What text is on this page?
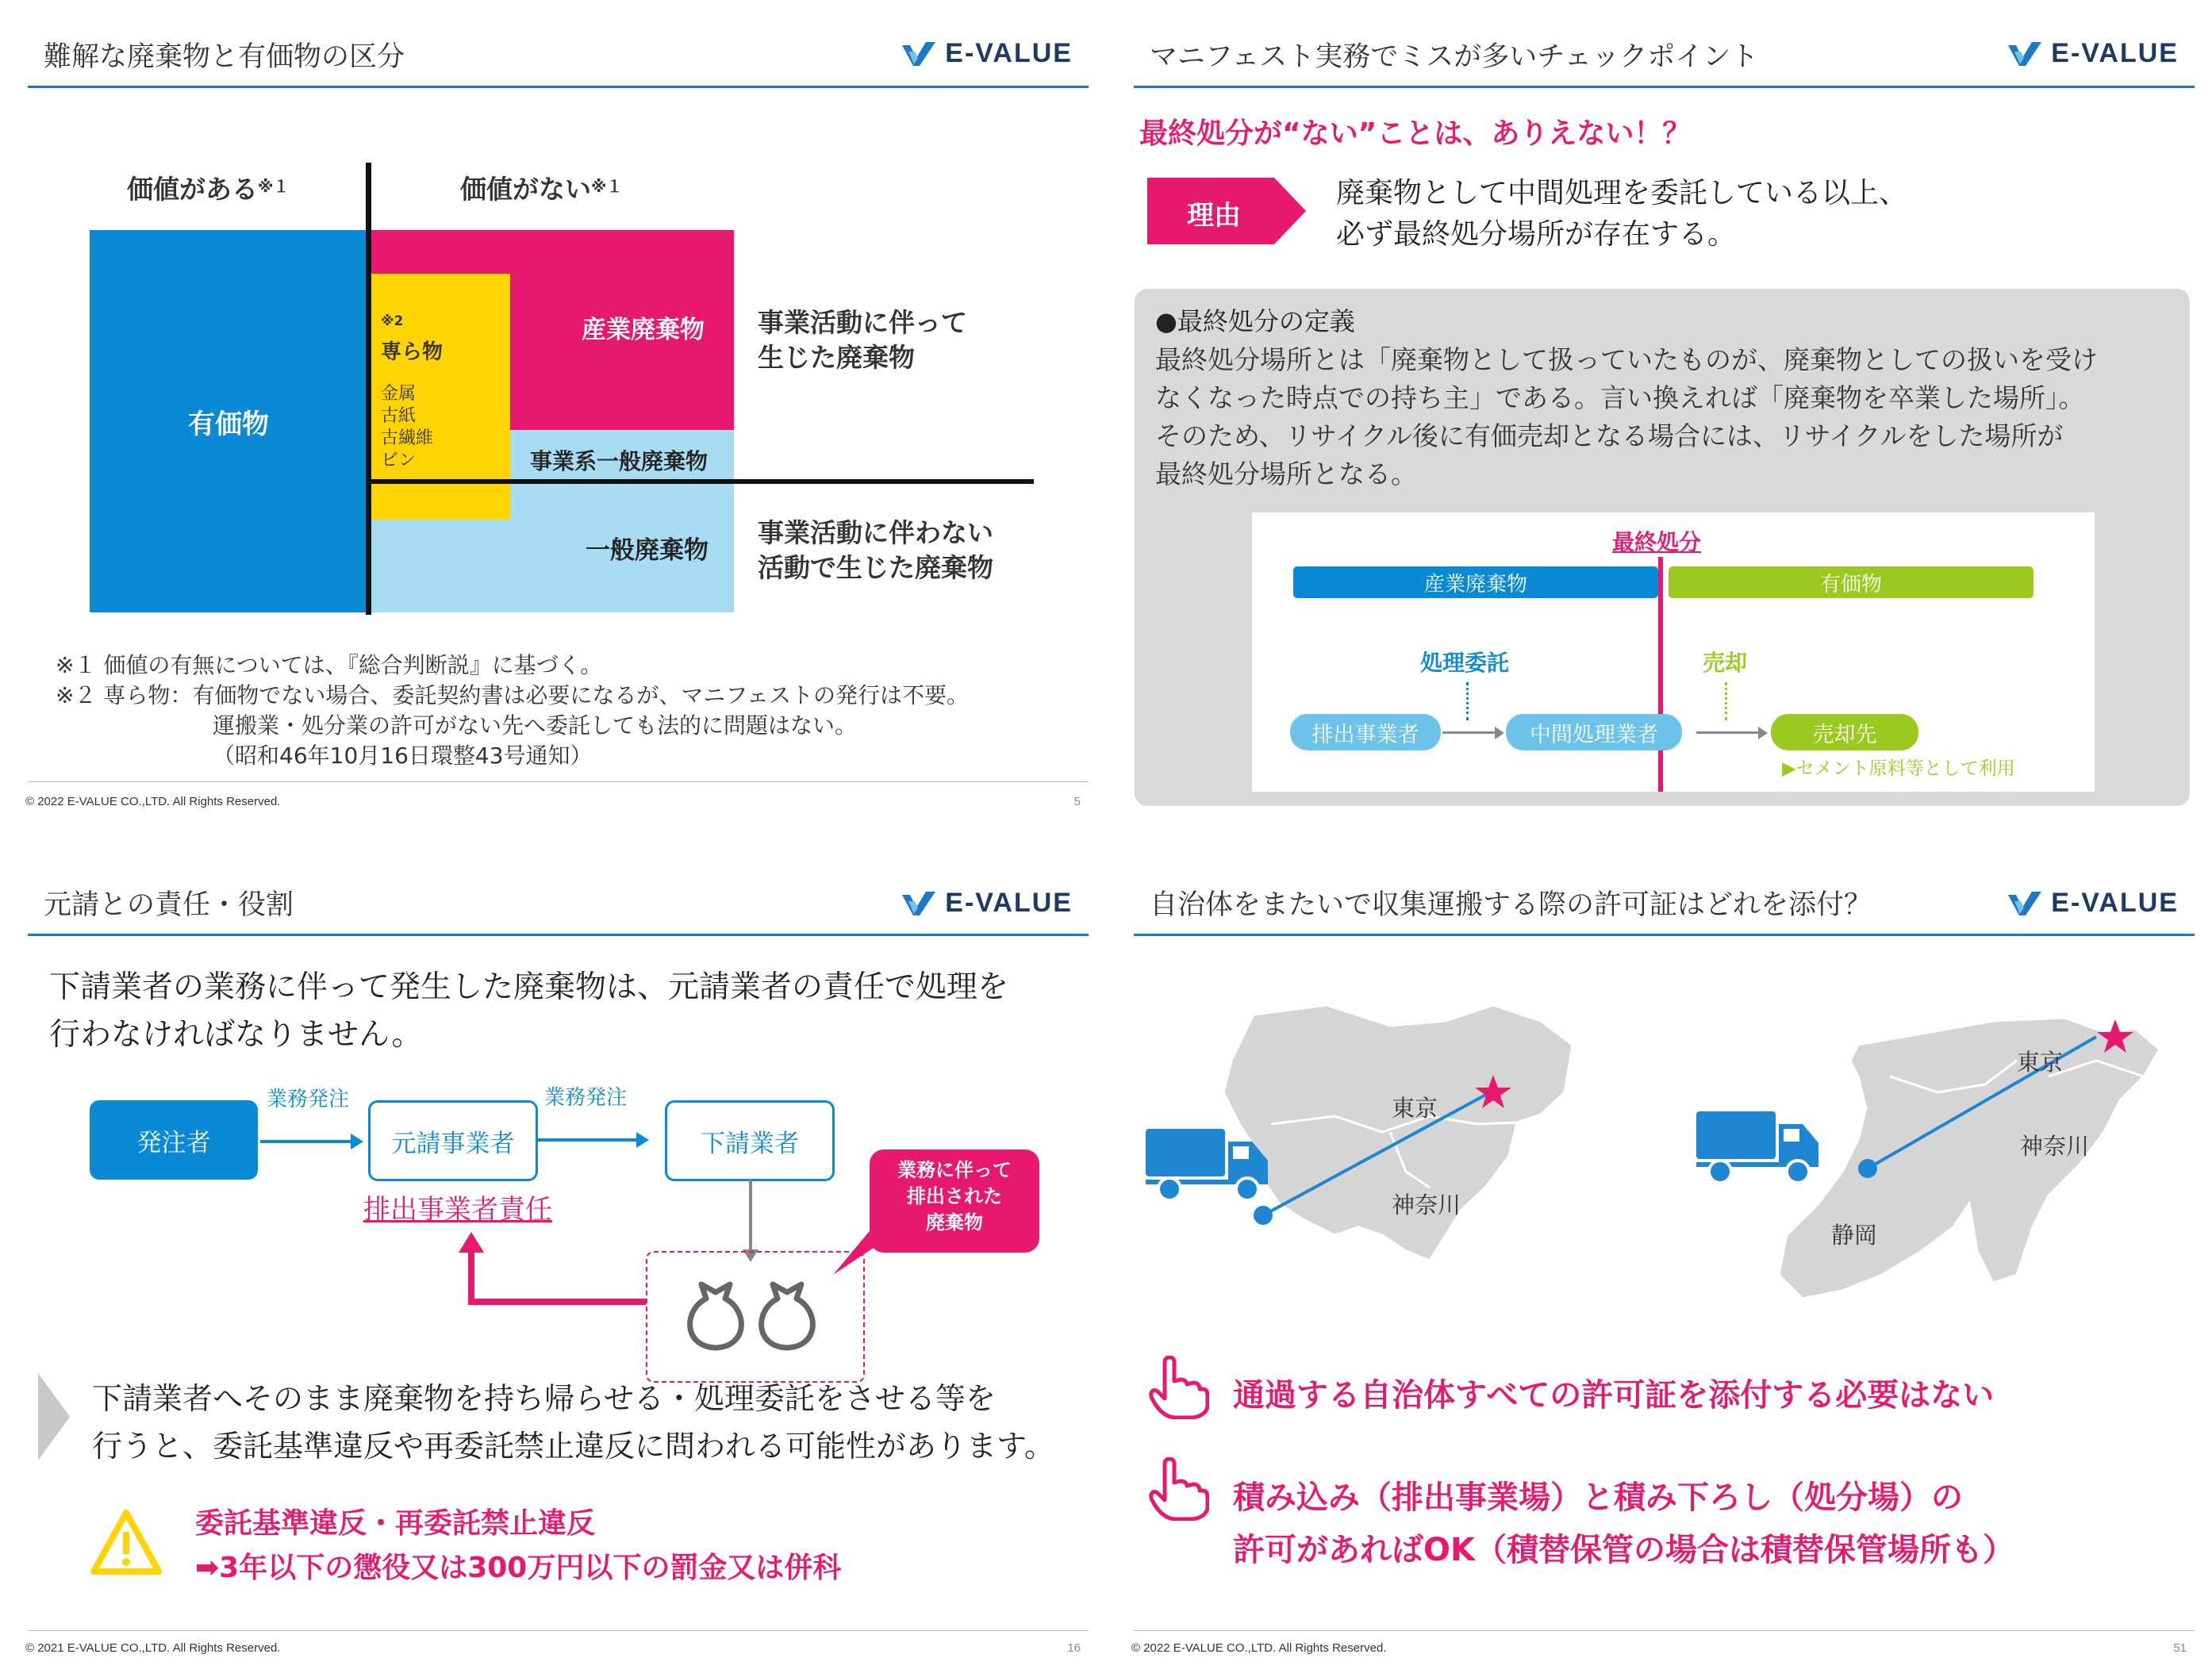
難解な廃棄物と有価物の区分	E-VALUE
価値がある$^{※1}$	価値がない$^{※1}$
有価物
産業廃棄物
事業系一般廃棄物
一般廃棄物
※2
専ら物
金属
古紙
古繊維
ビン
事業活動に伴って
生じた廃棄物
事業活動に伴わない
活動で生じた廃棄物
※１ 価値の有無については、『総合判断説』に基づく。
※２ 専ら物：有価物でない場合、委託契約書は必要になるが、マニフェストの発行は不要。
運搬業・処分業の許可がない先へ委託しても法的に問題はない。
（昭和46年10月16日環整43号通知）
© 2022 E-VALUE CO.,LTD. All Rights Reserved.	5
マニフェスト実務でミスが多いチェックポイント	E-VALUE
最終処分が“ない”ことは、ありえない！？
理由
廃棄物として中間処理を委託している以上、
必ず最終処分場所が存在する。
●最終処分の定義
最終処分場所とは「廃棄物として扱っていたものが、廃棄物としての扱いを受け
なくなった時点での持ち主」である。言い換えれば「廃棄物を卒業した場所」。
そのため、リサイクル後に有価売却となる場合には、リサイクルをした場所が
最終処分場所となる。
最終処分
産業廃棄物	有価物
処理委託	売却
排出事業者	中間処理業者	売却先
▶セメント原料等として利用
元請との責任・役割	E-VALUE
下請業者の業務に伴って発生した廃棄物は、元請業者の責任で処理を
行わなければなりません。
発注者
業務発注
元請事業者
業務発注
下請業者
排出事業者責任
業務に伴って
排出された
廃棄物
下請業者へそのまま廃棄物を持ち帰らせる・処理委託をさせる等を
行うと、委託基準違反や再委託禁止違反に問われる可能性があります。
委託基準違反・再委託禁止違反
➡3年以下の懲役又は300万円以下の罰金又は併科
© 2021 E-VALUE CO.,LTD. All Rights Reserved.	16
自治体をまたいで収集運搬する際の許可証はどれを添付？	E-VALUE
東京
神奈川
東京
神奈川
静岡
通過する自治体すべての許可証を添付する必要はない
積み込み（排出事業場）と積み下ろし（処分場）の
許可があればOK（積替保管の場合は積替保管場所も）
© 2022 E-VALUE CO.,LTD. All Rights Reserved.	51
